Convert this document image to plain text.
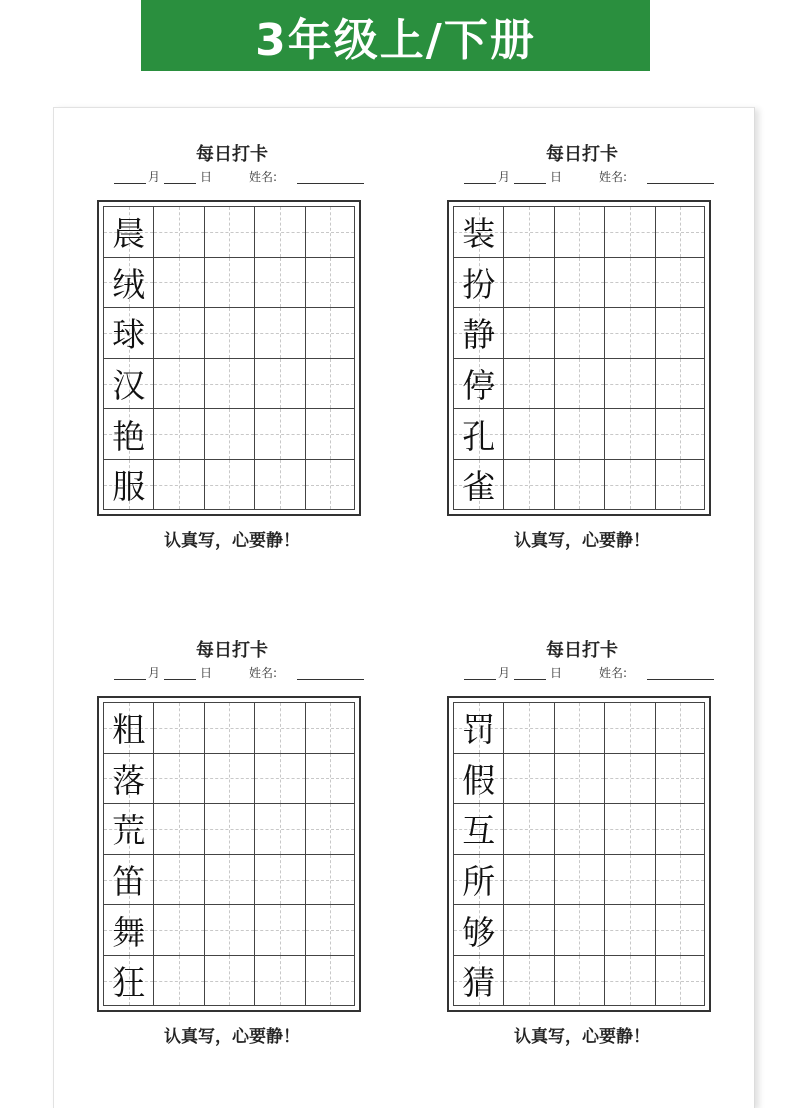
3年级上/下册
每日打卡
月	日	姓名:
晨
绒
球
汉
艳
服
认真写，心要静！
每日打卡
月	日	姓名:
装
扮
静
停
孔
雀
认真写，心要静！
每日打卡
月	日	姓名:
粗
落
荒
笛
舞
狂
认真写，心要静！
每日打卡
月	日	姓名:
罚
假
互
所
够
猜
认真写，心要静！
